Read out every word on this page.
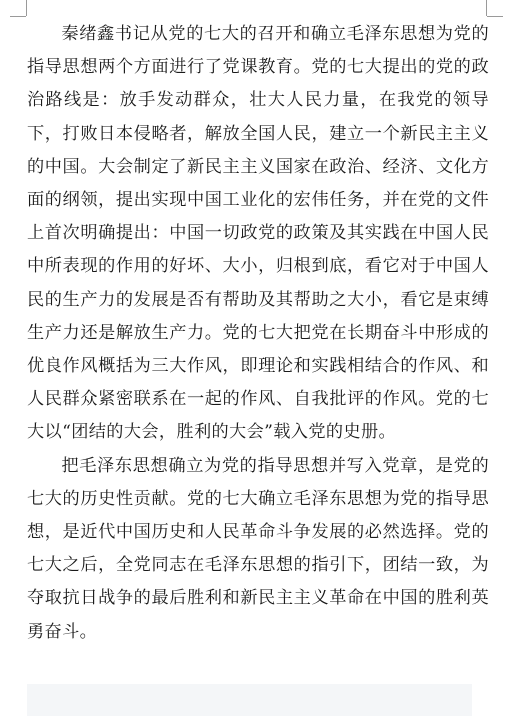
秦绪鑫书记从党的七大的召开和确立毛泽东思想为党的指导思想两个方面进行了党课教育。党的七大提出的党的政治路线是：放手发动群众，壮大人民力量，在我党的领导下，打败日本侵略者，解放全国人民，建立一个新民主主义的中国。大会制定了新民主主义国家在政治、经济、文化方面的纲领，提出实现中国工业化的宏伟任务，并在党的文件上首次明确提出：中国一切政党的政策及其实践在中国人民中所表现的作用的好坏、大小，归根到底，看它对于中国人民的生产力的发展是否有帮助及其帮助之大小，看它是束缚生产力还是解放生产力。党的七大把党在长期奋斗中形成的优良作风概括为三大作风，即理论和实践相结合的作风、和人民群众紧密联系在一起的作风、自我批评的作风。党的七大以“团结的大会，胜利的大会”载入党的史册。

把毛泽东思想确立为党的指导思想并写入党章，是党的七大的历史性贡献。党的七大确立毛泽东思想为党的指导思想，是近代中国历史和人民革命斗争发展的必然选择。党的七大之后，全党同志在毛泽东思想的指引下，团结一致，为夺取抗日战争的最后胜利和新民主主义革命在中国的胜利英勇奋斗。
